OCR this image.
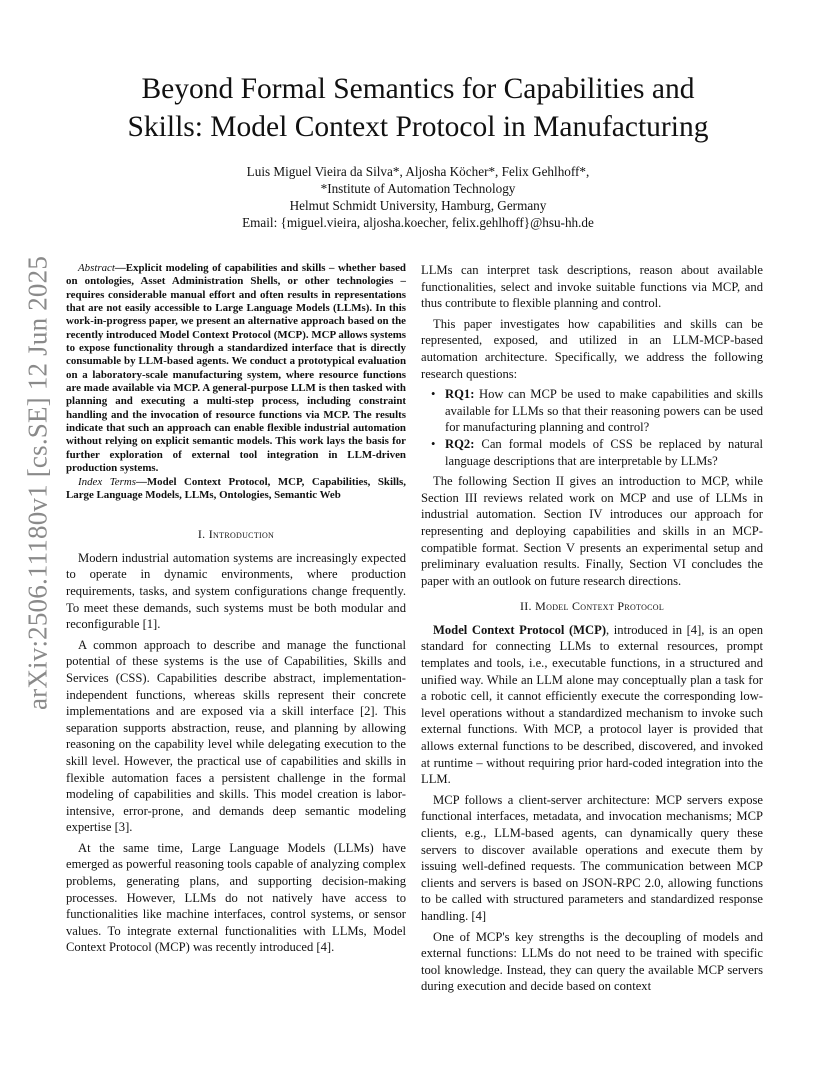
arXiv:2506.11180v1 [cs.SE] 12 Jun 2025
Beyond Formal Semantics for Capabilities and
Skills: Model Context Protocol in Manufacturing
Luis Miguel Vieira da Silva*, Aljosha Köcher*, Felix Gehlhoff*,
*Institute of Automation Technology
Helmut Schmidt University, Hamburg, Germany
Email: {miguel.vieira, aljosha.koecher, felix.gehlhoff}@hsu-hh.de

Abstract—Explicit modeling of capabilities and skills – whether based on ontologies, Asset Administration Shells, or other technologies – requires considerable manual effort and often results in representations that are not easily accessible to Large Language Models (LLMs). In this work-in-progress paper, we present an alternative approach based on the recently introduced Model Context Protocol (MCP). MCP allows systems to expose functionality through a standardized interface that is directly consumable by LLM-based agents. We conduct a prototypical evaluation on a laboratory-scale manufacturing system, where resource functions are made available via MCP. A general-purpose LLM is then tasked with planning and executing a multi-step process, including constraint handling and the invocation of resource functions via MCP. The results indicate that such an approach can enable flexible industrial automation without relying on explicit semantic models. This work lays the basis for further exploration of external tool integration in LLM-driven production systems.

Index Terms—Model Context Protocol, MCP, Capabilities, Skills, Large Language Models, LLMs, Ontologies, Semantic Web

I. Introduction

Modern industrial automation systems are increasingly expected to operate in dynamic environments, where production requirements, tasks, and system configurations change frequently. To meet these demands, such systems must be both modular and reconfigurable [1].

A common approach to describe and manage the functional potential of these systems is the use of Capabilities, Skills and Services (CSS). Capabilities describe abstract, implementation-independent functions, whereas skills represent their concrete implementations and are exposed via a skill interface [2]. This separation supports abstraction, reuse, and planning by allowing reasoning on the capability level while delegating execution to the skill level. However, the practical use of capabilities and skills in flexible automation faces a persistent challenge in the formal modeling of capabilities and skills. This model creation is labor-intensive, error-prone, and demands deep semantic modeling expertise [3].

At the same time, Large Language Models (LLMs) have emerged as powerful reasoning tools capable of analyzing complex problems, generating plans, and supporting decision-making processes. However, LLMs do not natively have access to functionalities like machine interfaces, control systems, or sensor values. To integrate external functionalities with LLMs, Model Context Protocol (MCP) was recently introduced [4].

LLMs can interpret task descriptions, reason about available functionalities, select and invoke suitable functions via MCP, and thus contribute to flexible planning and control.

This paper investigates how capabilities and skills can be represented, exposed, and utilized in an LLM-MCP-based automation architecture. Specifically, we address the following research questions:

• RQ1: How can MCP be used to make capabilities and skills available for LLMs so that their reasoning powers can be used for manufacturing planning and control?
• RQ2: Can formal models of CSS be replaced by natural language descriptions that are interpretable by LLMs?

The following Section II gives an introduction to MCP, while Section III reviews related work on MCP and use of LLMs in industrial automation. Section IV introduces our approach for representing and deploying capabilities and skills in an MCP-compatible format. Section V presents an experimental setup and preliminary evaluation results. Finally, Section VI concludes the paper with an outlook on future research directions.

II. Model Context Protocol

Model Context Protocol (MCP), introduced in [4], is an open standard for connecting LLMs to external resources, prompt templates and tools, i.e., executable functions, in a structured and unified way. While an LLM alone may conceptually plan a task for a robotic cell, it cannot efficiently execute the corresponding low-level operations without a standardized mechanism to invoke such external functions. With MCP, a protocol layer is provided that allows external functions to be described, discovered, and invoked at runtime – without requiring prior hard-coded integration into the LLM.

MCP follows a client-server architecture: MCP servers expose functional interfaces, metadata, and invocation mechanisms; MCP clients, e.g., LLM-based agents, can dynamically query these servers to discover available operations and execute them by issuing well-defined requests. The communication between MCP clients and servers is based on JSON-RPC 2.0, allowing functions to be called with structured parameters and standardized response handling. [4]

One of MCP's key strengths is the decoupling of models and external functions: LLMs do not need to be trained with specific tool knowledge. Instead, they can query the available MCP servers during execution and decide based on context
